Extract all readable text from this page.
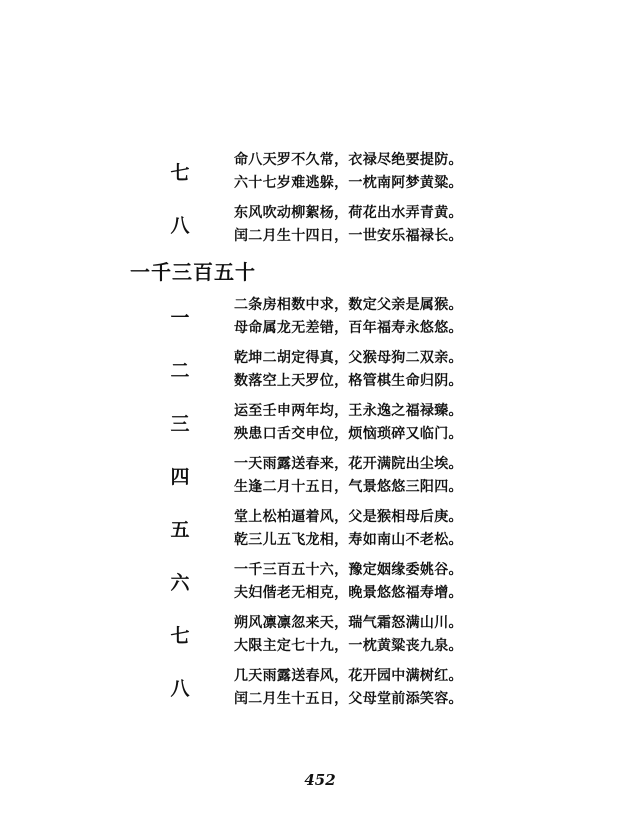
七
命八天罗不久常，衣禄尽绝要提防。
六十七岁难逃躲，一枕南阿梦黄粱。
八
东风吹动柳絮杨，荷花出水弄青黄。
闰二月生十四日，一世安乐福禄长。
一千三百五十
一
二条房相数中求，数定父亲是属猴。
母命属龙无差错，百年福寿永悠悠。
二
乾坤二胡定得真，父猴母狗二双亲。
数落空上天罗位，格管棋生命归阴。
三
运至壬申两年均，王永逸之福禄臻。
殃患口舌交申位，烦恼琐碎又临门。
四
一天雨露送春来，花开满院出尘埃。
生逢二月十五日，气景悠悠三阳四。
五
堂上松柏逼着风，父是猴相母后庚。
乾三儿五飞龙相，寿如南山不老松。
六
一千三百五十六，豫定姻缘委姚谷。
夫妇偕老无相克，晚景悠悠福寿增。
七
朔风凛凛忽来天，瑞气霜怒满山川。
大限主定七十九，一枕黄粱丧九泉。
八
几天雨露送春风，花开园中满树红。
闰二月生十五日，父母堂前添笑容。
452
